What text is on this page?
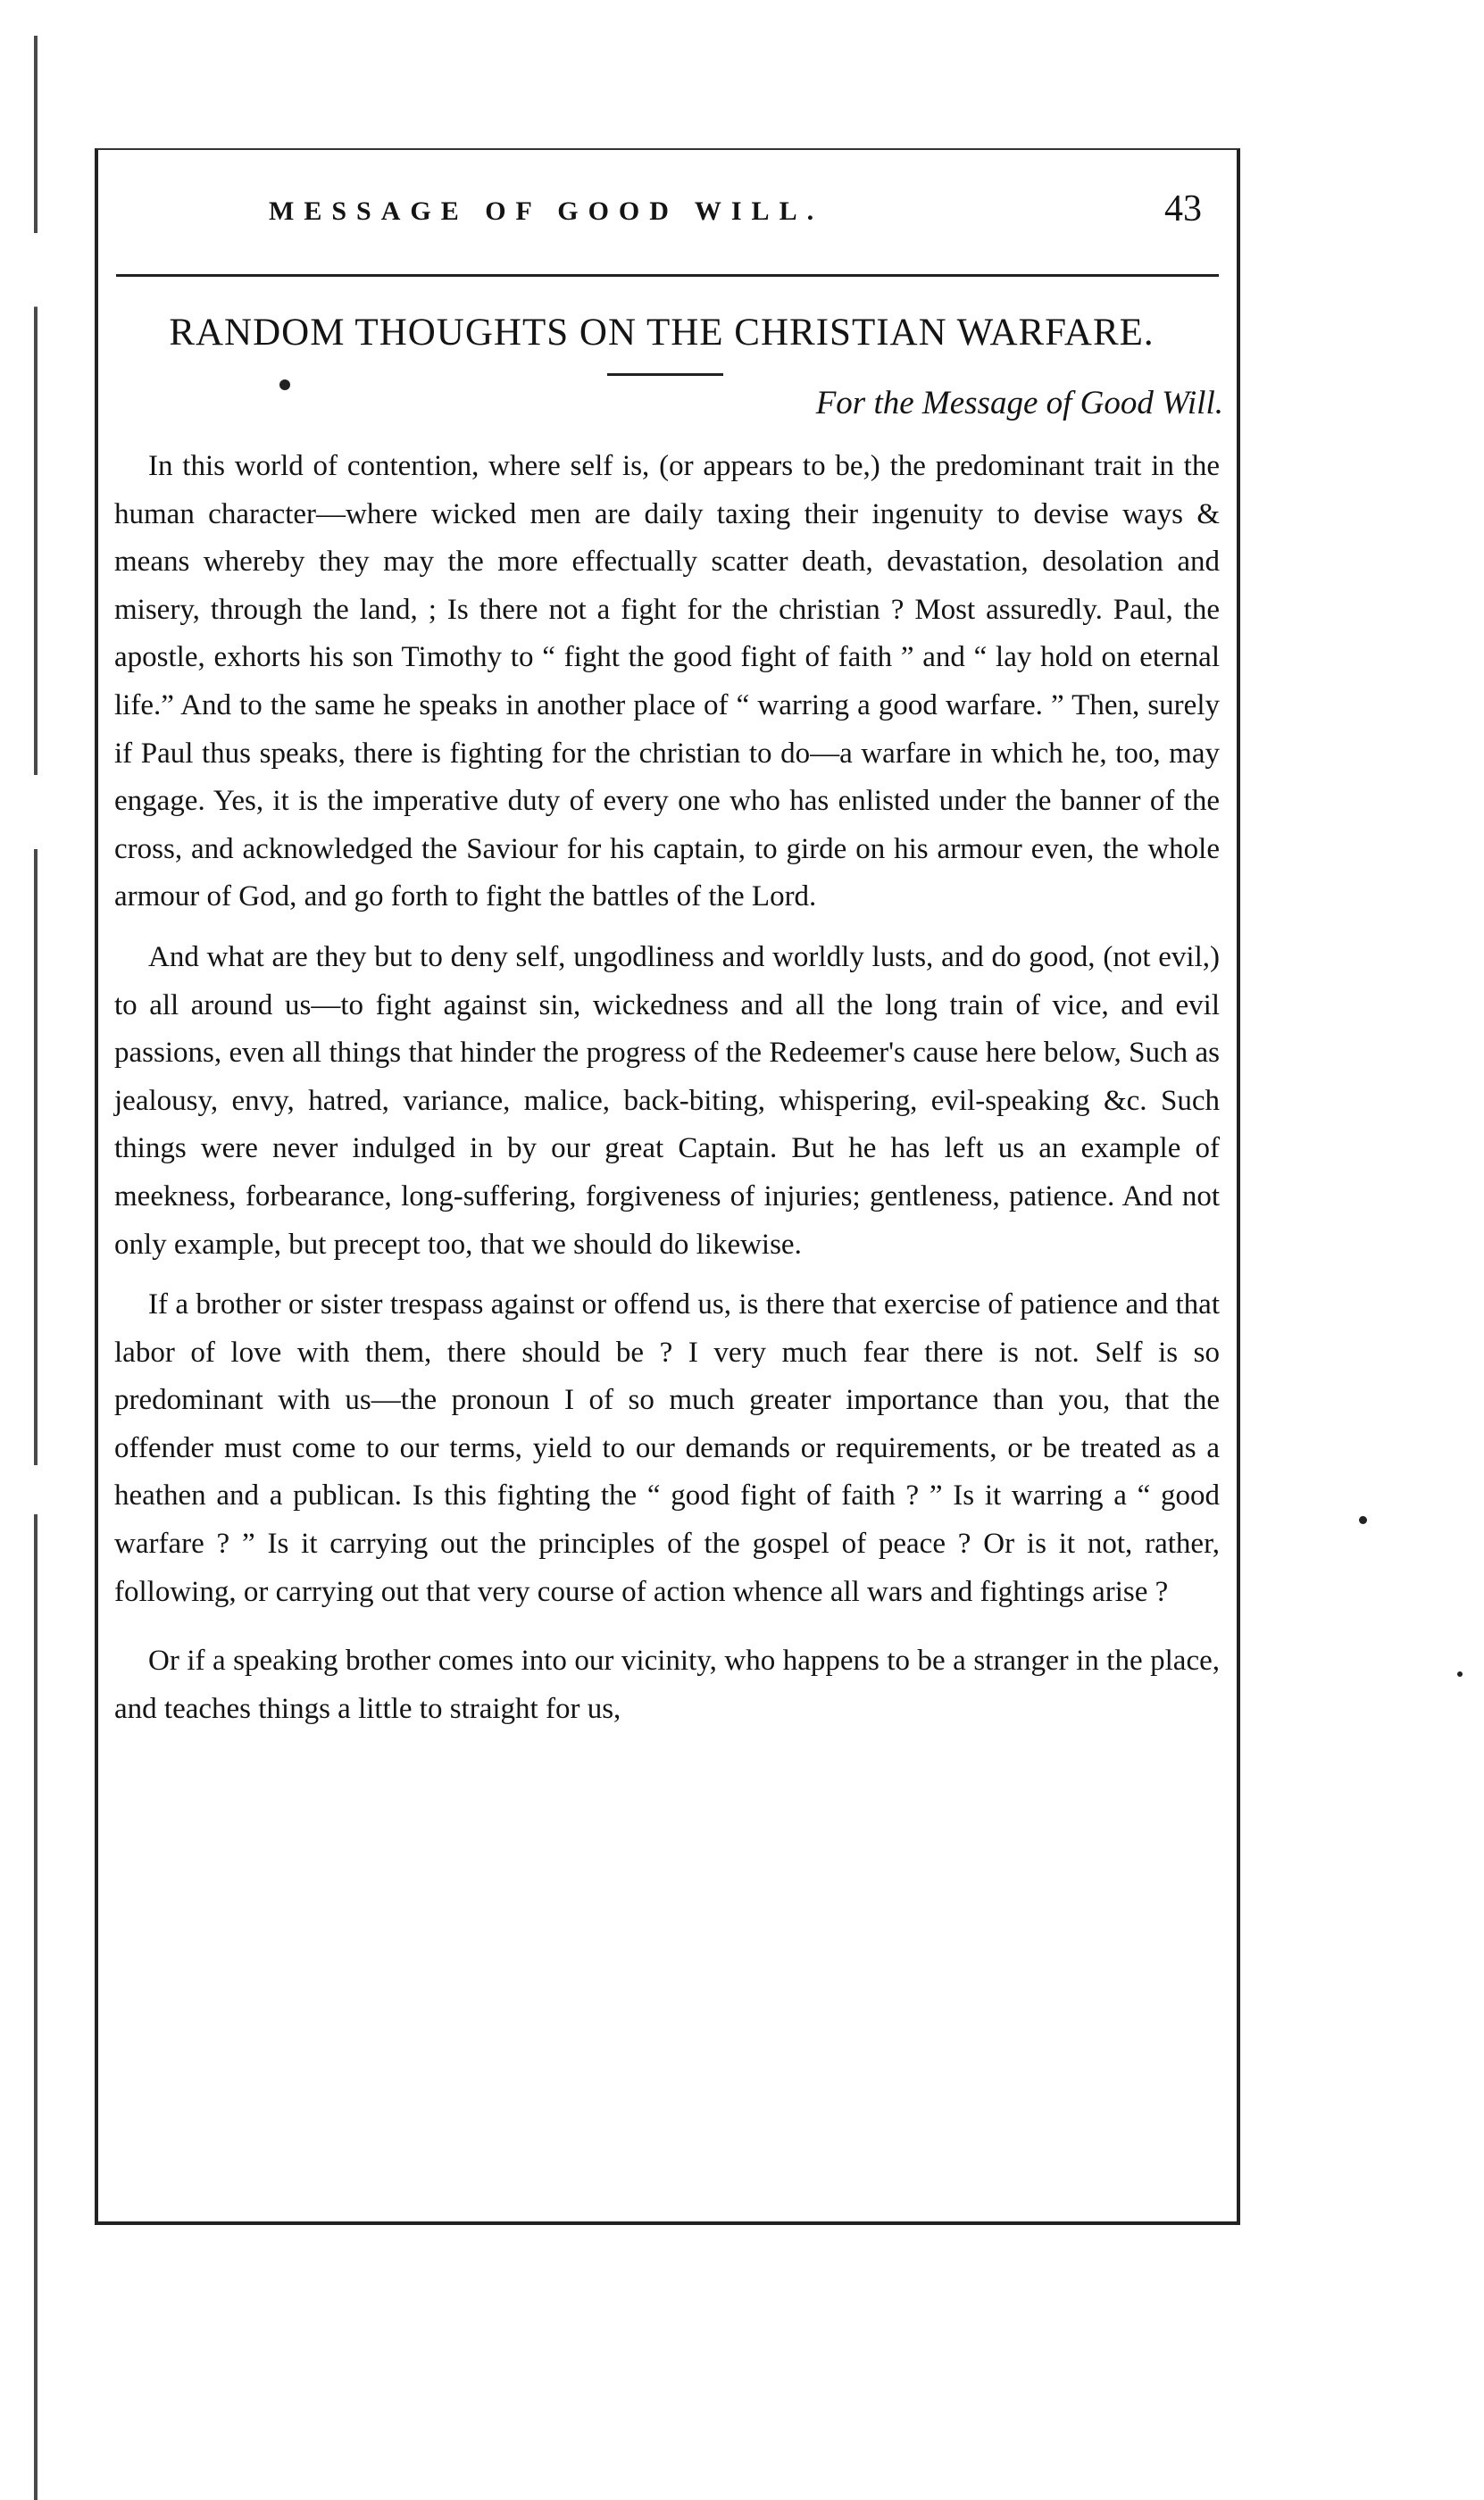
MESSAGE OF GOOD WILL.	43
RANDOM THOUGHTS ON THE CHRISTIAN WARFARE.
For the Message of Good Will.

In this world of contention, where self is, (or appears to be,) the predominant trait in the human character—where wicked men are daily taxing their ingenuity to devise ways & means whereby they may the more effectually scatter death, devastation, desolation and misery, through the land, ; Is there not a fight for the christian ? Most assuredly. Paul, the apostle, exhorts his son Timothy to “ fight the good fight of faith ” and “ lay hold on eternal life.” And to the same he speaks in another place of “ warring a good warfare. ” Then, surely if Paul thus speaks, there is fighting for the christian to do—a warfare in which he, too, may engage. Yes, it is the imperative duty of every one who has enlisted under the banner of the cross, and acknowledged the Saviour for his captain, to girde on his armour even, the whole armour of God, and go forth to fight the battles of the Lord.

And what are they but to deny self, ungodliness and worldly lusts, and do good, (not evil,) to all around us—to fight against sin, wickedness and all the long train of vice, and evil passions, even all things that hinder the progress of the Redeemer's cause here below, Such as jealousy, envy, hatred, variance, malice, back-biting, whispering, evil-speaking &c. Such things were never indulged in by our great Captain. But he has left us an example of meekness, forbearance, long-suffering, forgiveness of injuries; gentleness, patience. And not only example, but precept too, that we should do likewise.

If a brother or sister trespass against or offend us, is there that exercise of patience and that labor of love with them, there should be ? I very much fear there is not. Self is so predominant with us—the pronoun I of so much greater importance than you, that the offender must come to our terms, yield to our demands or requirements, or be treated as a heathen and a publican. Is this fighting the “ good fight of faith ? ” Is it warring a “ good warfare ? ” Is it carrying out the principles of the gospel of peace ? Or is it not, rather, following, or carrying out that very course of action whence all wars and fightings arise ?

Or if a speaking brother comes into our vicinity, who happens to be a stranger in the place, and teaches things a little to straight for us,
